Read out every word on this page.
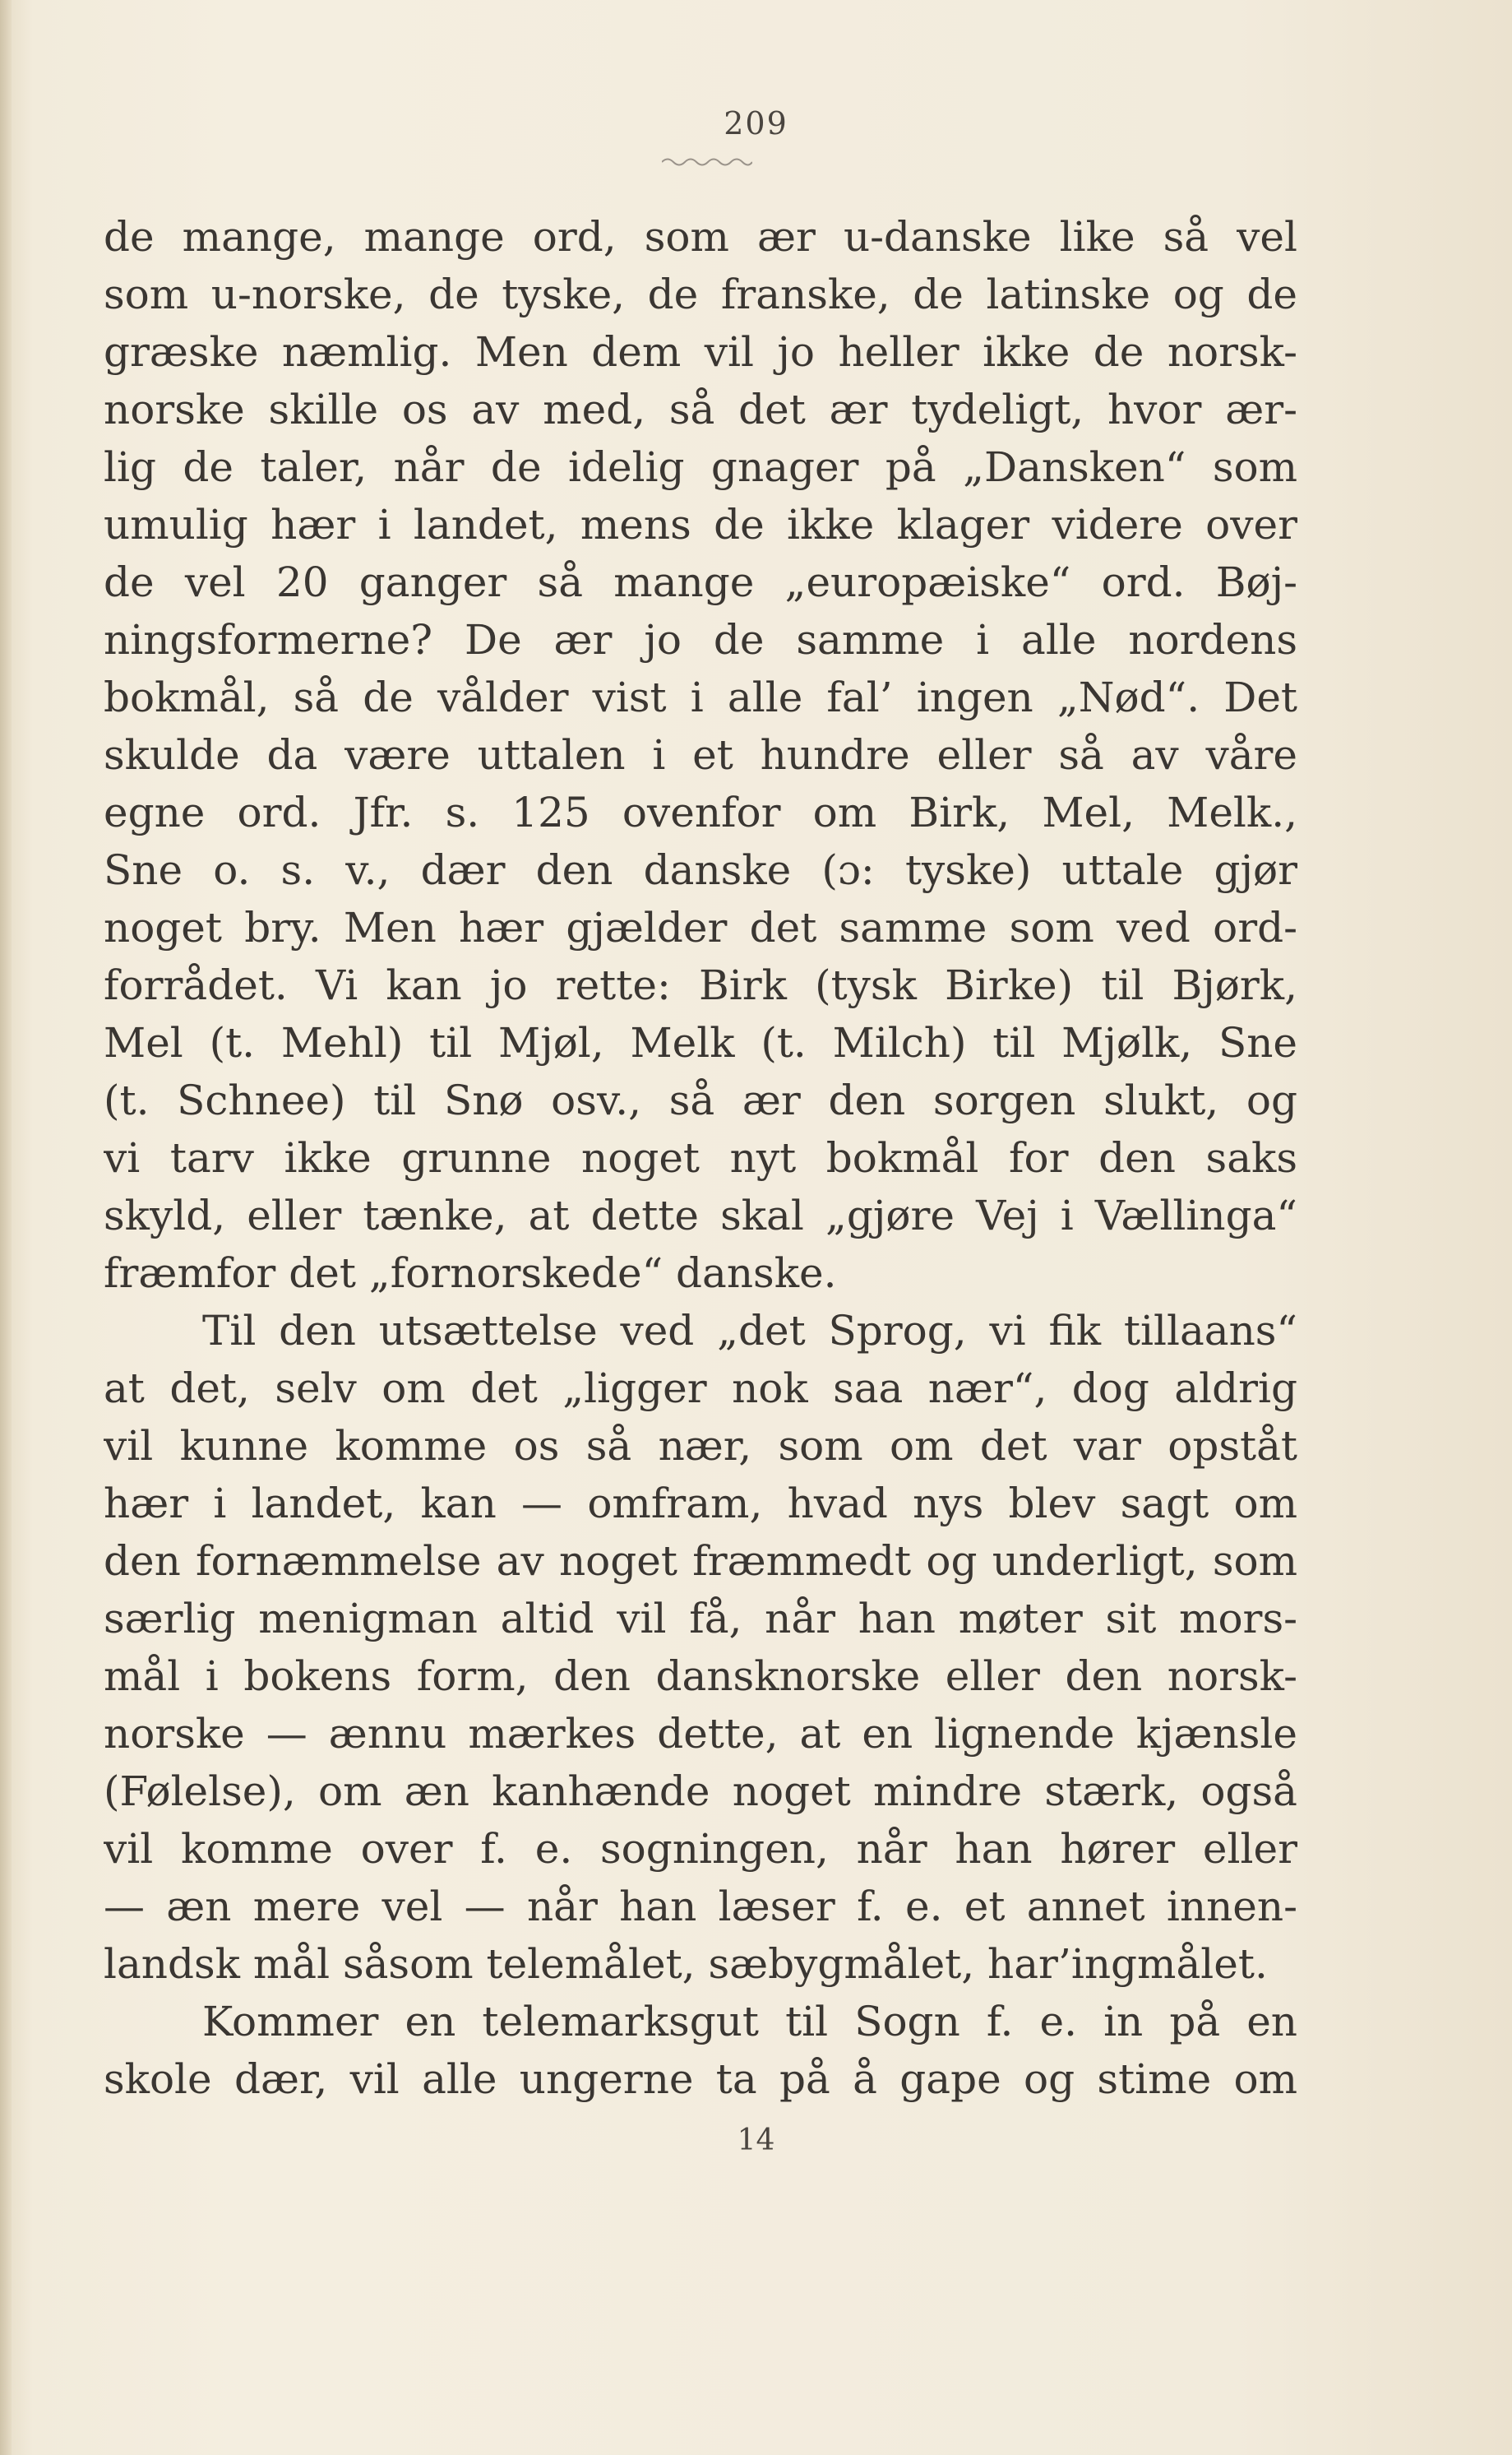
209
de mange, mange ord, som ær u-danske like så vel
som u-norske, de tyske, de franske, de latinske og de
græske næmlig. Men dem vil jo heller ikke de norsk-
norske skille os av med, så det ær tydeligt, hvor ær-
lig de taler, når de idelig gnager på „Dansken“ som
umulig hær i landet, mens de ikke klager videre over
de vel 20 ganger så mange „europæiske“ ord. Bøj-
ningsformerne? De ær jo de samme i alle nordens
bokmål, så de vålder vist i alle fal’ ingen „Nød“. Det
skulde da være uttalen i et hundre eller så av våre
egne ord. Jfr. s. 125 ovenfor om Birk, Mel, Melk.,
Sne o. s. v., dær den danske (ɔ: tyske) uttale gjør
noget bry. Men hær gjælder det samme som ved ord-
forrådet. Vi kan jo rette: Birk (tysk Birke) til Bjørk,
Mel (t. Mehl) til Mjøl, Melk (t. Milch) til Mjølk, Sne
(t. Schnee) til Snø osv., så ær den sorgen slukt, og
vi tarv ikke grunne noget nyt bokmål for den saks
skyld, eller tænke, at dette skal „gjøre Vej i Vællinga“
fræmfor det „fornorskede“ danske.
Til den utsættelse ved „det Sprog, vi fik tillaans“
at det, selv om det „ligger nok saa nær“, dog aldrig
vil kunne komme os så nær, som om det var opståt
hær i landet, kan — omfram, hvad nys blev sagt om
den fornæmmelse av noget fræmmedt og underligt, som
særlig menigman altid vil få, når han møter sit mors-
mål i bokens form, den dansknorske eller den norsk-
norske — ænnu mærkes dette, at en lignende kjænsle
(Følelse), om æn kanhænde noget mindre stærk, også
vil komme over f. e. sogningen, når han hører eller
— æn mere vel — når han læser f. e. et annet innen-
landsk mål såsom telemålet, sæbygmålet, har’ingmålet.
Kommer en telemarksgut til Sogn f. e. in på en
skole dær, vil alle ungerne ta på å gape og stime om
14
